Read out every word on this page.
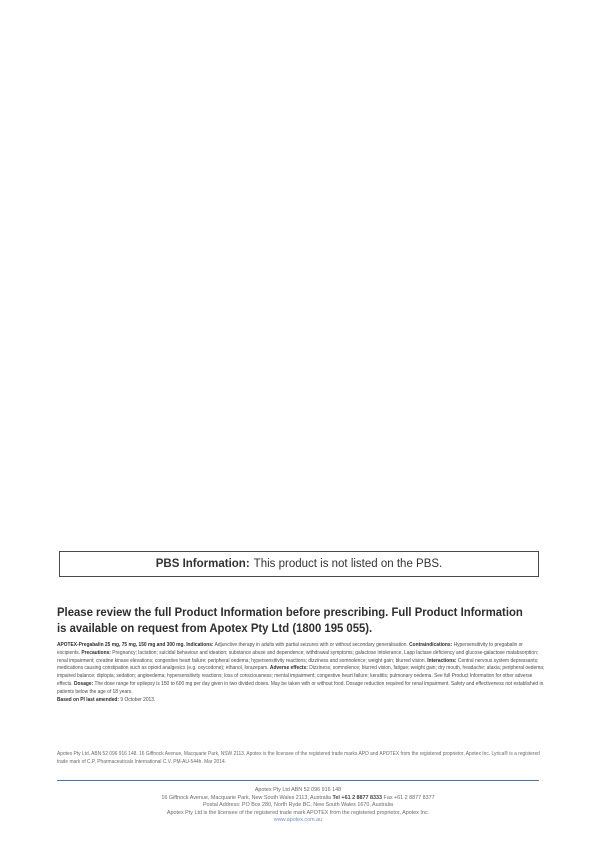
PBS Information: This product is not listed on the PBS.
Please review the full Product Information before prescribing. Full Product Information
is available on request from Apotex Pty Ltd (1800 195 055).
APOTEX-Pregabalin 25 mg, 75 mg, 150 mg and 300 mg. Indications: Adjunctive therapy in adults with partial seizures with or without secondary generalisation. Contraindications: Hypersensitivity to pregabalin or excipients. Precautions: Pregnancy; lactation; suicidal behaviour and ideation; substance abuse and dependence; withdrawal symptoms; galactose intolerance, Lapp lactase deficiency and glucose-galactose malabsorption; renal impairment; creatine kinase elevations; congestive heart failure; peripheral oedema; hypersensitivity reactions; dizziness and somnolence; weight gain; blurred vision. Interactions: Central nervous system depressants; medications causing constipation such as opioid analgesics (e.g. oxycodone); ethanol, lorazepam. Adverse effects: Dizziness; somnolence; blurred vision, fatigue; weight gain; dry mouth, headache; ataxia; peripheral oedema; impaired balance; diplopia; sedation; angioedema; hypersensitivity reactions; loss of consciousness; mental impairment; congestive heart failure; keratitis; pulmonary oedema. See full Product Information for other adverse effects. Dosage: The dose range for epilepsy is 150 to 600 mg per day given in two divided doses. May be taken with or without food. Dosage reduction required for renal impairment. Safety and effectiveness not established in patients below the age of 18 years.
Based on PI last amended: 9 October 2013.
Apotex Pty Ltd. ABN 52 096 916 148. 16 Giffnock Avenue, Macquarie Park, NSW 2113. Apotex is the licensee of the registered trade marks APO and APOTEX from the registered proprietor, Apotex Inc. Lyrica® is a registered trade mark of C.P. Pharmaceuticals International C.V. PM-AU-544h. Mar 2014.
Apotex Pty Ltd ABN 52 096 916 148
16 Giffnock Avenue, Macquarie Park, New South Wales 2113, Australia Tel +61 2 8877 8333 Fax +61 2 8877 8377
Postal Address: PO Box 280, North Ryde BC, New South Wales 1670, Australia
Apotex Pty Ltd is the licensee of the registered trade mark APOTEX from the registered proprietor, Apotex Inc.
www.apotex.com.au
